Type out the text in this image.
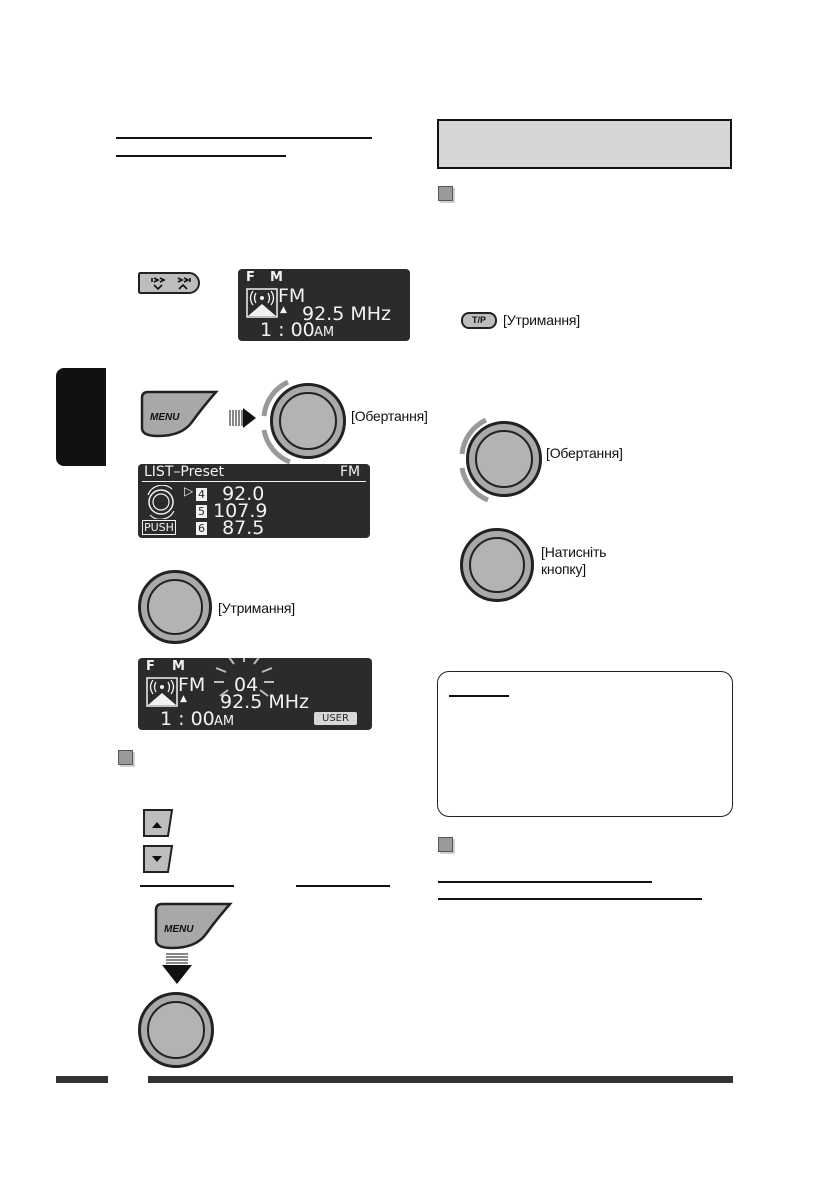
F M
FM
▲ 92.5 MHz
1 : 00 AM
MENU	[Обертання]
LIST–Preset	FM
PUSH
▷ 4 92.0
5 107.9
6 87.5
[Утримання]
F M
FM 04
▲ 92.5 MHz
1 : 00 AM	USER
MENU
T/P	[Утримання]
[Обертання]
[Натисніть
кнопку]
